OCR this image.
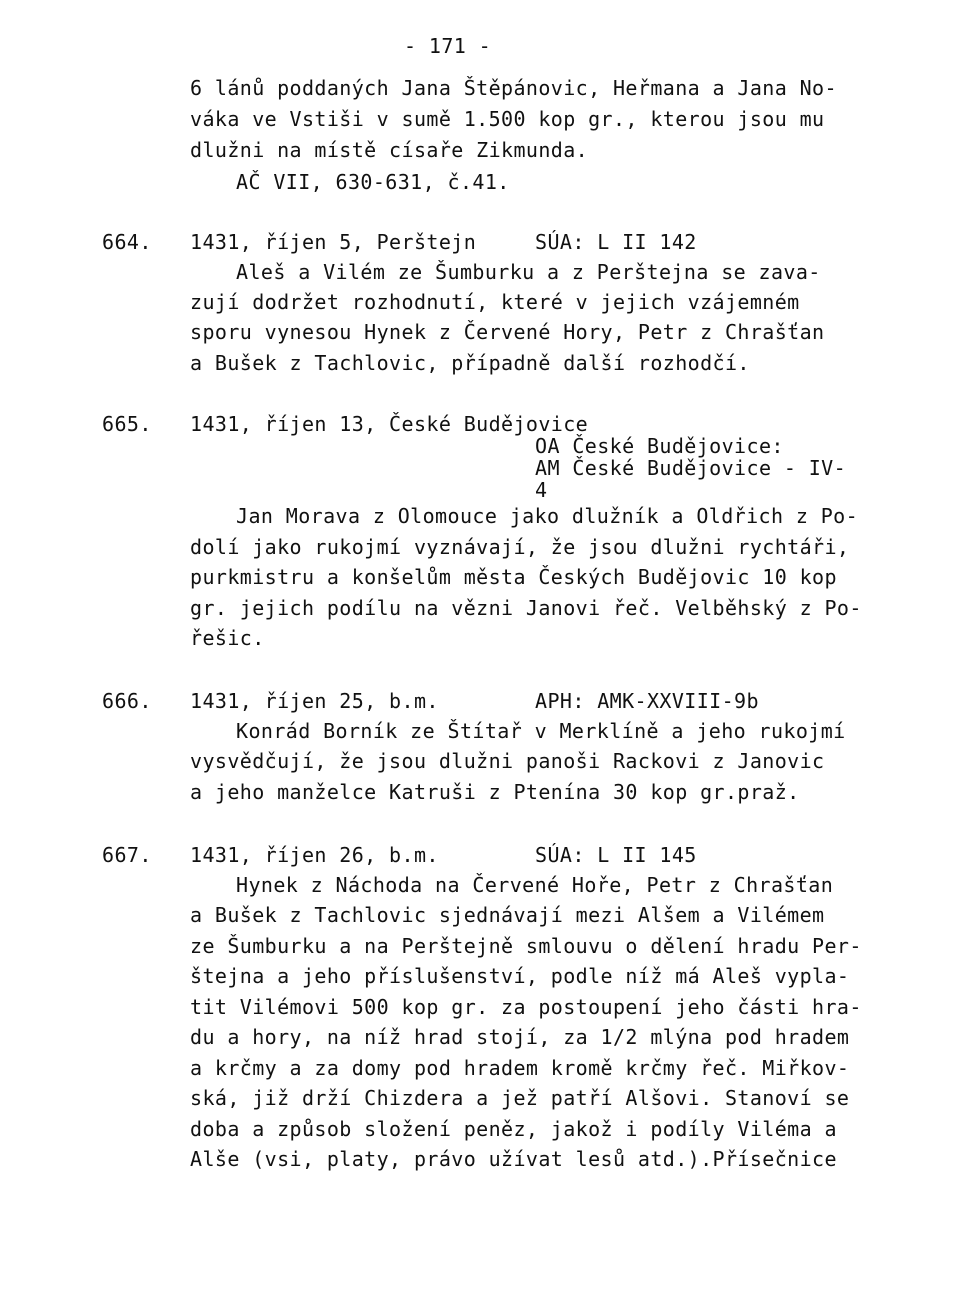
- 171 -
6 lánů poddaných Jana Štěpánovic, Heřmana a Jana No-
váka ve Vstiši v sumě 1.500 kop gr., kterou jsou mu
dlužni na místě císaře Zikmunda.
AČ VII, 630-631, č.41.
664. 1431, říjen 5, Perštejn	SÚA: L II 142
Aleš a Vilém ze Šumburku a z Perštejna se zava-
zují dodržet rozhodnutí, které v jejich vzájemném
sporu vynesou Hynek z Červené Hory, Petr z Chrašťan
a Bušek z Tachlovic, případně další rozhodčí.
665. 1431, říjen 13, České Budějovice
OA České Budějovice:
AM České Budějovice - IV-
4
Jan Morava z Olomouce jako dlužník a Oldřich z Po-
dolí jako rukojmí vyznávají, že jsou dlužni rychtáři,
purkmistru a konšelům města Českých Budějovic 10 kop
gr. jejich podílu na vězni Janovi řeč. Velběhský z Po-
řešic.
666. 1431, říjen 25, b.m.	APH: AMK-XXVIII-9b
Konrád Borník ze Štítař v Merklíně a jeho rukojmí
vysvědčují, že jsou dlužni panoši Rackovi z Janovic
a jeho manželce Katruši z Ptenína 30 kop gr.praž.
667. 1431, říjen 26, b.m.	SÚA: L II 145
Hynek z Náchoda na Červené Hoře, Petr z Chrašťan
a Bušek z Tachlovic sjednávají mezi Alšem a Vilémem
ze Šumburku a na Perštejně smlouvu o dělení hradu Per-
štejna a jeho příslušenství, podle níž má Aleš vypla-
tit Vilémovi 500 kop gr. za postoupení jeho části hra-
du a hory, na níž hrad stojí, za 1/2 mlýna pod hradem
a krčmy a za domy pod hradem kromě krčmy řeč. Miřkov-
ská, již drží Chizdera a jež patří Alšovi. Stanoví se
doba a způsob složení peněz, jakož i podíly Viléma a
Alše (vsi, platy, právo užívat lesů atd.).Přísečnice
